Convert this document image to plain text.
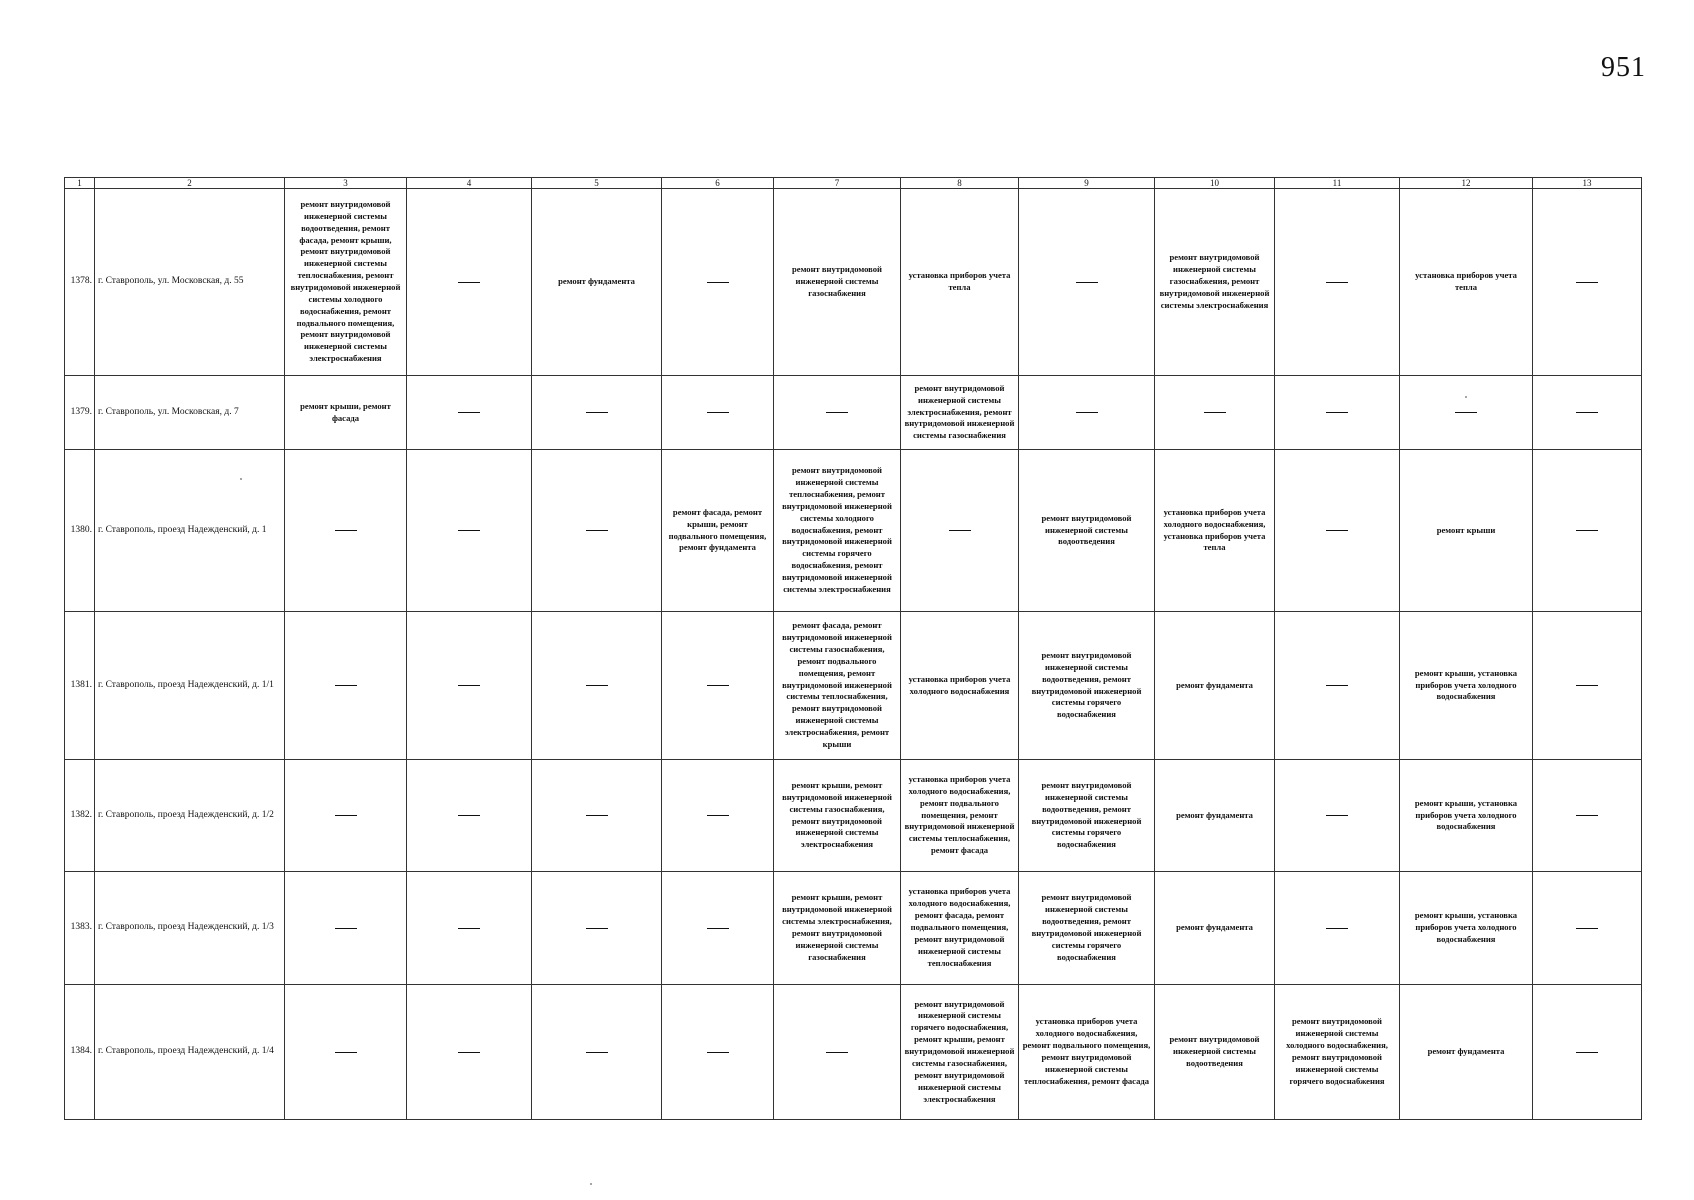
951
1	2	3	4	5	6	7	8	9	10	11	12	13
1378.	г. Ставрополь, ул. Московская, д. 55	ремонт внутридомовой инженерной системы водоотведения, ремонт фасада, ремонт крыши, ремонт внутридомовой инженерной системы теплоснабжения, ремонт внутридомовой инженерной системы холодного водоснабжения, ремонт подвального помещения, ремонт внутридомовой инженерной системы электроснабжения		ремонт фундамента		ремонт внутридомовой инженерной системы газоснабжения	установка приборов учета тепла		ремонт внутридомовой инженерной системы газоснабжения, ремонт внутридомовой инженерной системы электроснабжения		установка приборов учета тепла	
1379.	г. Ставрополь, ул. Московская, д. 7	ремонт крыши, ремонт фасада					ремонт внутридомовой инженерной системы электроснабжения, ремонт внутридомовой инженерной системы газоснабжения					
1380.	г. Ставрополь, проезд Надежденский, д. 1				ремонт фасада, ремонт крыши, ремонт подвального помещения, ремонт фундамента	ремонт внутридомовой инженерной системы теплоснабжения, ремонт внутридомовой инженерной системы холодного водоснабжения, ремонт внутридомовой инженерной системы горячего водоснабжения, ремонт внутридомовой инженерной системы электроснабжения		ремонт внутридомовой инженерной системы водоотведения	установка приборов учета холодного водоснабжения, установка приборов учета тепла		ремонт крыши	
1381.	г. Ставрополь, проезд Надежденский, д. 1/1					ремонт фасада, ремонт внутридомовой инженерной системы газоснабжения, ремонт подвального помещения, ремонт внутридомовой инженерной системы теплоснабжения, ремонт внутридомовой инженерной системы электроснабжения, ремонт крыши	установка приборов учета холодного водоснабжения	ремонт внутридомовой инженерной системы водоотведения, ремонт внутридомовой инженерной системы горячего водоснабжения	ремонт фундамента		ремонт крыши, установка приборов учета холодного водоснабжения	
1382.	г. Ставрополь, проезд Надежденский, д. 1/2					ремонт крыши, ремонт внутридомовой инженерной системы газоснабжения, ремонт внутридомовой инженерной системы электроснабжения	установка приборов учета холодного водоснабжения, ремонт подвального помещения, ремонт внутридомовой инженерной системы теплоснабжения, ремонт фасада	ремонт внутридомовой инженерной системы водоотведения, ремонт внутридомовой инженерной системы горячего водоснабжения	ремонт фундамента		ремонт крыши, установка приборов учета холодного водоснабжения	
1383.	г. Ставрополь, проезд Надежденский, д. 1/3					ремонт крыши, ремонт внутридомовой инженерной системы электроснабжения, ремонт внутридомовой инженерной системы газоснабжения	установка приборов учета холодного водоснабжения, ремонт фасада, ремонт подвального помещения, ремонт внутридомовой инженерной системы теплоснабжения	ремонт внутридомовой инженерной системы водоотведения, ремонт внутридомовой инженерной системы горячего водоснабжения	ремонт фундамента		ремонт крыши, установка приборов учета холодного водоснабжения	
1384.	г. Ставрополь, проезд Надежденский, д. 1/4						ремонт внутридомовой инженерной системы горячего водоснабжения, ремонт крыши, ремонт внутридомовой инженерной системы газоснабжения, ремонт внутридомовой инженерной системы электроснабжения	установка приборов учета холодного водоснабжения, ремонт подвального помещения, ремонт внутридомовой инженерной системы теплоснабжения, ремонт фасада	ремонт внутридомовой инженерной системы водоотведения	ремонт внутридомовой инженерной системы холодного водоснабжения, ремонт внутридомовой инженерной системы горячего водоснабжения	ремонт фундамента	
